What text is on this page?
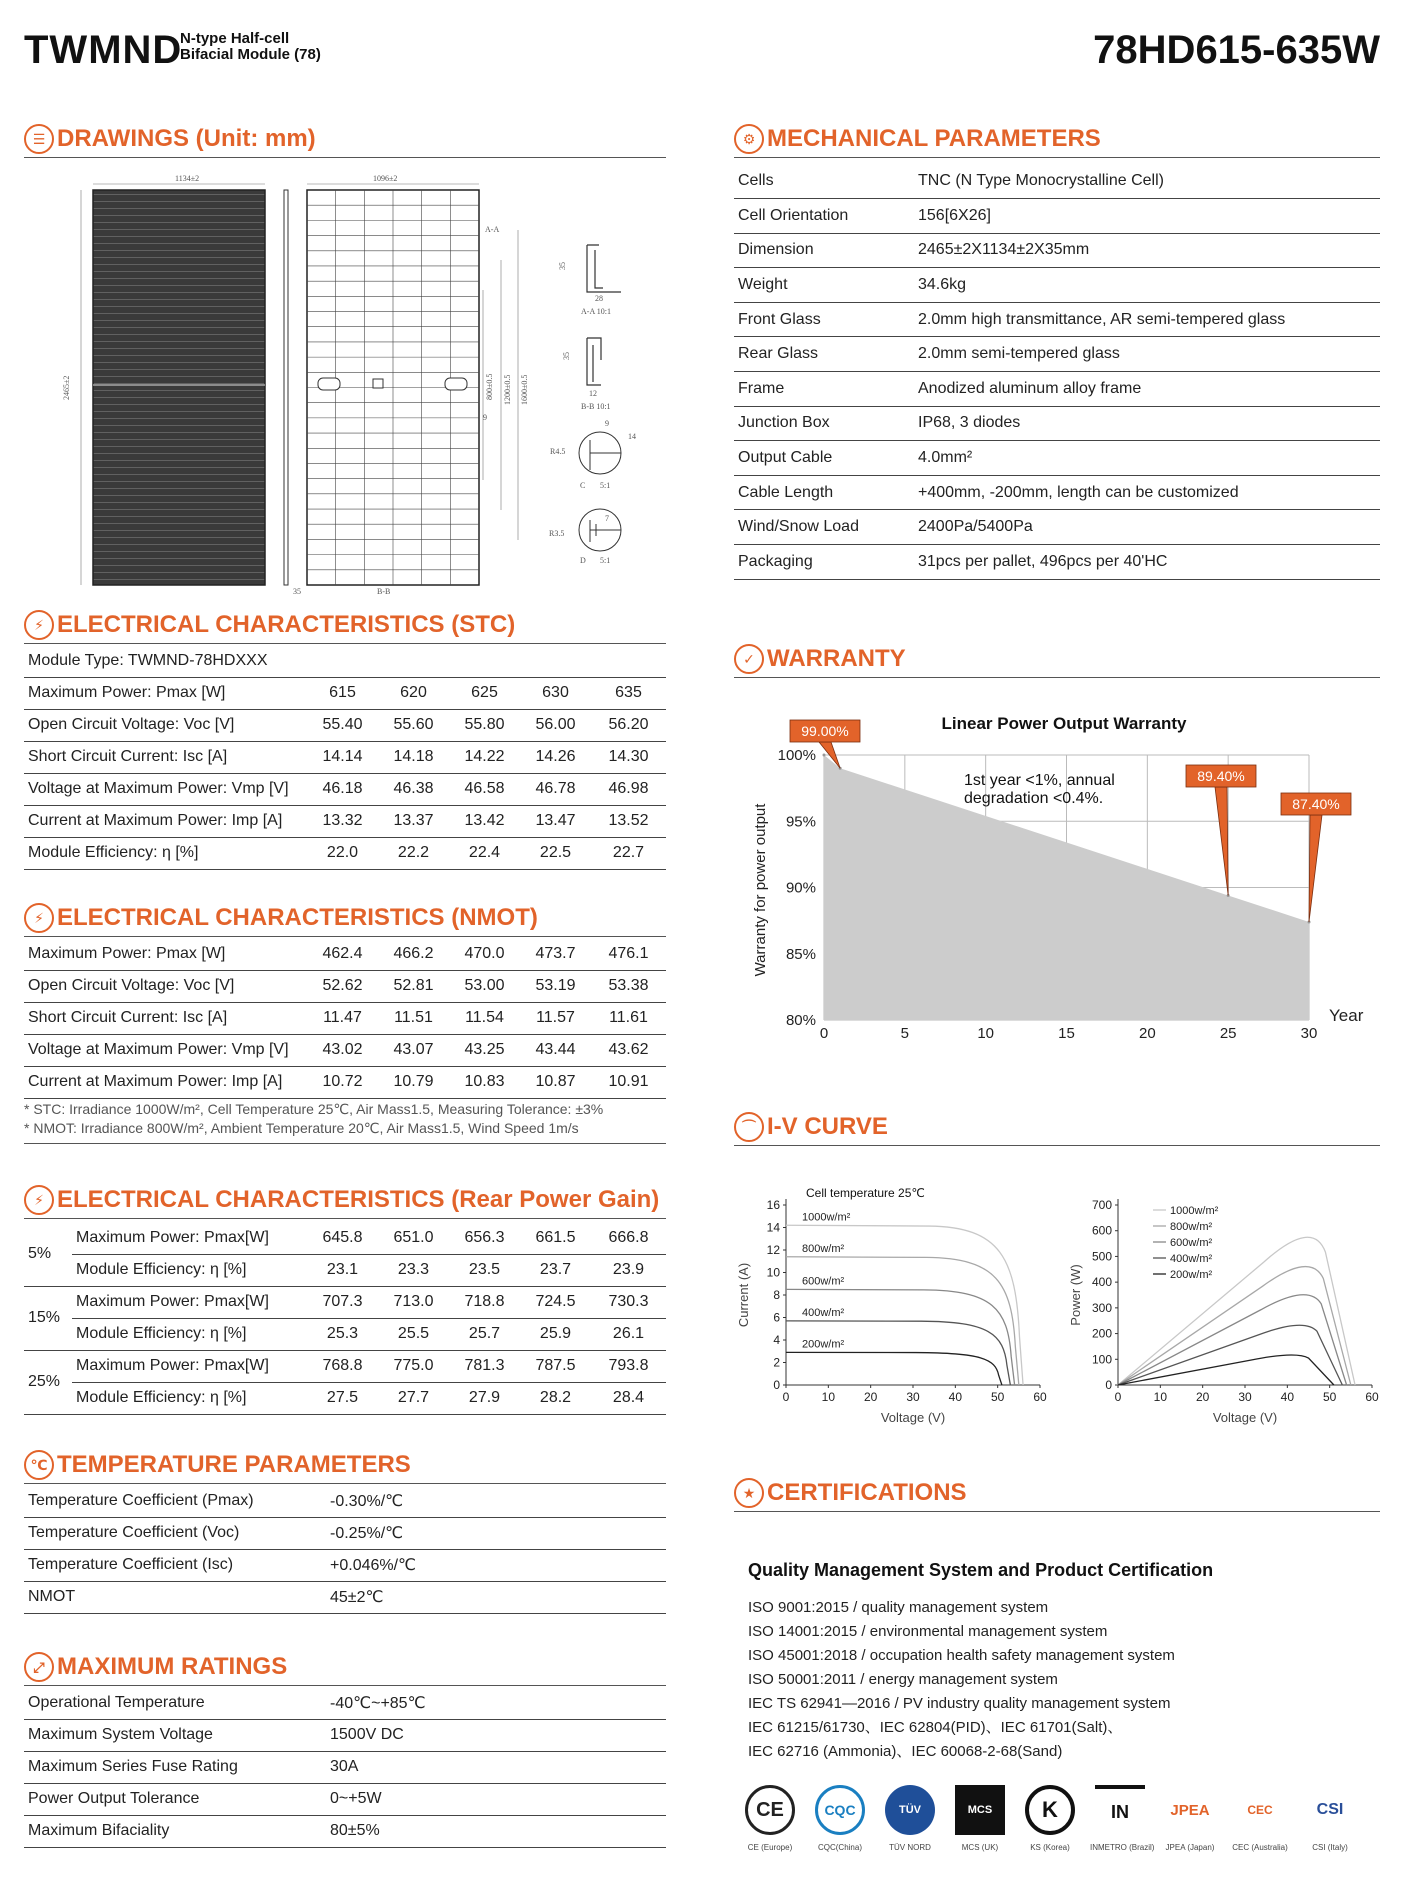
TWMND
N-type Half-cell
Bifacial Module (78)	78HD615-635W
☰ DRAWINGS (Unit: mm)
1134±2
2465±2
35
1096±2
A-A
B-B
800±0.5 1200±0.5 1600±0.5
9
35
28
A-A 10:1
35
12
B-B 10:1
9
14
R4.5
C 5:1
7
R3.5
D 5:1
⚙ MECHANICAL PARAMETERS
Cells	TNC (N Type Monocrystalline Cell)
Cell Orientation	156[6X26]
Dimension	2465±2X1134±2X35mm
Weight	34.6kg
Front Glass	2.0mm high transmittance, AR semi-tempered glass
Rear Glass	2.0mm semi-tempered glass
Frame	Anodized aluminum alloy frame
Junction Box	IP68, 3 diodes
Output Cable	4.0mm²
Cable Length	+400mm, -200mm, length can be customized
Wind/Snow Load	2400Pa/5400Pa
Packaging	31pcs per pallet, 496pcs per 40'HC
⚡ ELECTRICAL CHARACTERISTICS (STC)
Module Type: TWMND-78HDXXX					
Maximum Power: Pmax [W]	615	620	625	630	635
Open Circuit Voltage: Voc [V]	55.40	55.60	55.80	56.00	56.20
Short Circuit Current: Isc [A]	14.14	14.18	14.22	14.26	14.30
Voltage at Maximum Power: Vmp [V]	46.18	46.38	46.58	46.78	46.98
Current at Maximum Power: Imp [A]	13.32	13.37	13.42	13.47	13.52
Module Efficiency: η [%]	22.0	22.2	22.4	22.5	22.7
✓ WARRANTY
0	5	10	15	20	25	30
80%
85%
90%
95%
100%
Year
Warranty for power output
Linear Power Output Warranty
1st year <1%, annual degradation <0.4%.
99.00%
89.40%
87.40%
⚡ ELECTRICAL CHARACTERISTICS (NMOT)
Maximum Power: Pmax [W]	462.4	466.2	470.0	473.7	476.1
Open Circuit Voltage: Voc [V]	52.62	52.81	53.00	53.19	53.38
Short Circuit Current: Isc [A]	11.47	11.51	11.54	11.57	11.61
Voltage at Maximum Power: Vmp [V]	43.02	43.07	43.25	43.44	43.62
Current at Maximum Power: Imp [A]	10.72	10.79	10.83	10.87	10.91
* STC: Irradiance 1000W/m², Cell Temperature 25℃, Air Mass1.5, Measuring Tolerance: ±3%
* NMOT: Irradiance 800W/m², Ambient Temperature 20℃, Air Mass1.5, Wind Speed 1m/s	⌒ I-V CURVE
0
2
4
6
8
10
12
14
16
0	10 20 30 40 50 60
Voltage (V)
Current (A)
1000w/m²
800w/m²
600w/m²
400w/m²
200w/m²
Cell temperature 25℃
0
100
200
300
400
500
600
700
0	10 20 30 40 50 60
Voltage (V)
Power (W)
1000w/m²
800w/m²
600w/m²
400w/m²
200w/m²
⚡ ELECTRICAL CHARACTERISTICS (Rear Power Gain)
5%	Maximum Power: Pmax[W]	645.8	651.0	656.3	661.5	666.8
	Module Efficiency: η [%]	23.1	23.3	23.5	23.7	23.9
15%	Maximum Power: Pmax[W]	707.3	713.0	718.8	724.5	730.3
	Module Efficiency: η [%]	25.3	25.5	25.7	25.9	26.1
25%	Maximum Power: Pmax[W]	768.8	775.0	781.3	787.5	793.8
	Module Efficiency: η [%]	27.5	27.7	27.9	28.2	28.4
℃ TEMPERATURE PARAMETERS
Temperature Coefficient (Pmax)	-0.30%/℃
Temperature Coefficient (Voc)	-0.25%/℃
Temperature Coefficient (Isc)	+0.046%/℃
NMOT	45±2℃
★ CERTIFICATIONS
Quality Management System and Product Certification
ISO 9001:2015 / quality management system
ISO 14001:2015 / environmental management system
ISO 45001:2018 / occupation health safety management system
ISO 50001:2011 / energy management system
IEC TS 62941—2016 / PV industry quality management system
IEC 61215/61730、IEC 62804(PID)、IEC 61701(Salt)、
IEC 62716 (Ammonia)、IEC 60068-2-68(Sand)
CE
CE (Europe)
CQC
CQC(China)
TÜV
TÜV NORD
MCS
MCS (UK)
K
KS (Korea)
IN
INMETRO (Brazil)
JPEA
JPEA (Japan)
CEC
CEC (Australia)
CSI
CSI (Italy)
⤢ MAXIMUM RATINGS
Operational Temperature	-40℃~+85℃
Maximum System Voltage	1500V DC
Maximum Series Fuse Rating	30A
Power Output Tolerance	0~+5W
Maximum Bifaciality	80±5%
